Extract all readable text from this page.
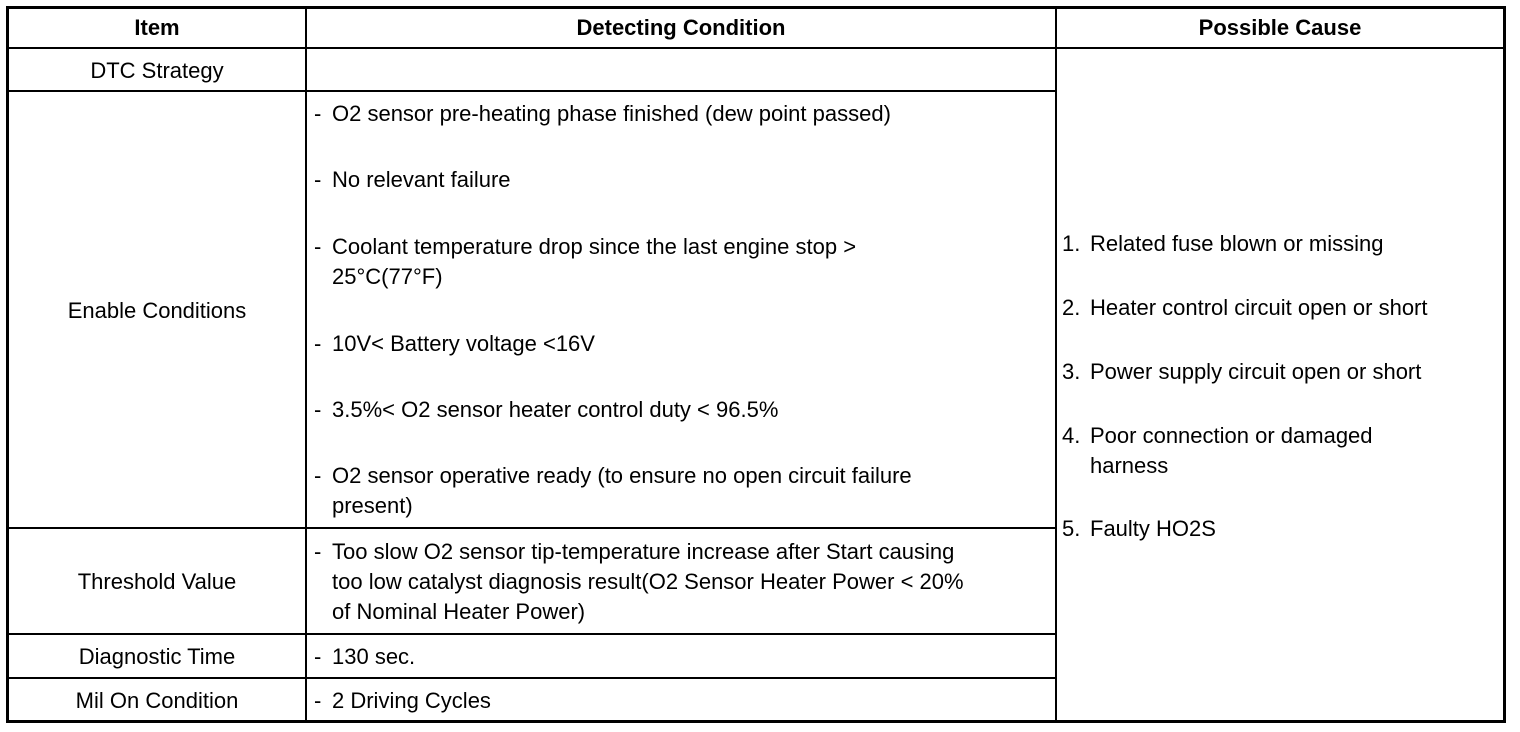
Item	Detecting Condition	Possible Cause
DTC Strategy
Enable Conditions
Threshold Value
Diagnostic Time
Mil On Condition
- O2 sensor pre-heating phase finished (dew point passed)
- No relevant failure
- Coolant temperature drop since the last engine stop >
25°C(77°F)
- 10V< Battery voltage <16V
- 3.5%< O2 sensor heater control duty < 96.5%
- O2 sensor operative ready (to ensure no open circuit failure
present)
- Too slow O2 sensor tip-temperature increase after Start causing
too low catalyst diagnosis result(O2 Sensor Heater Power < 20%
of Nominal Heater Power)
- 130 sec.
- 2 Driving Cycles
1. Related fuse blown or missing
2. Heater control circuit open or short
3. Power supply circuit open or short
4. Poor connection or damaged
harness
5. Faulty HO2S
